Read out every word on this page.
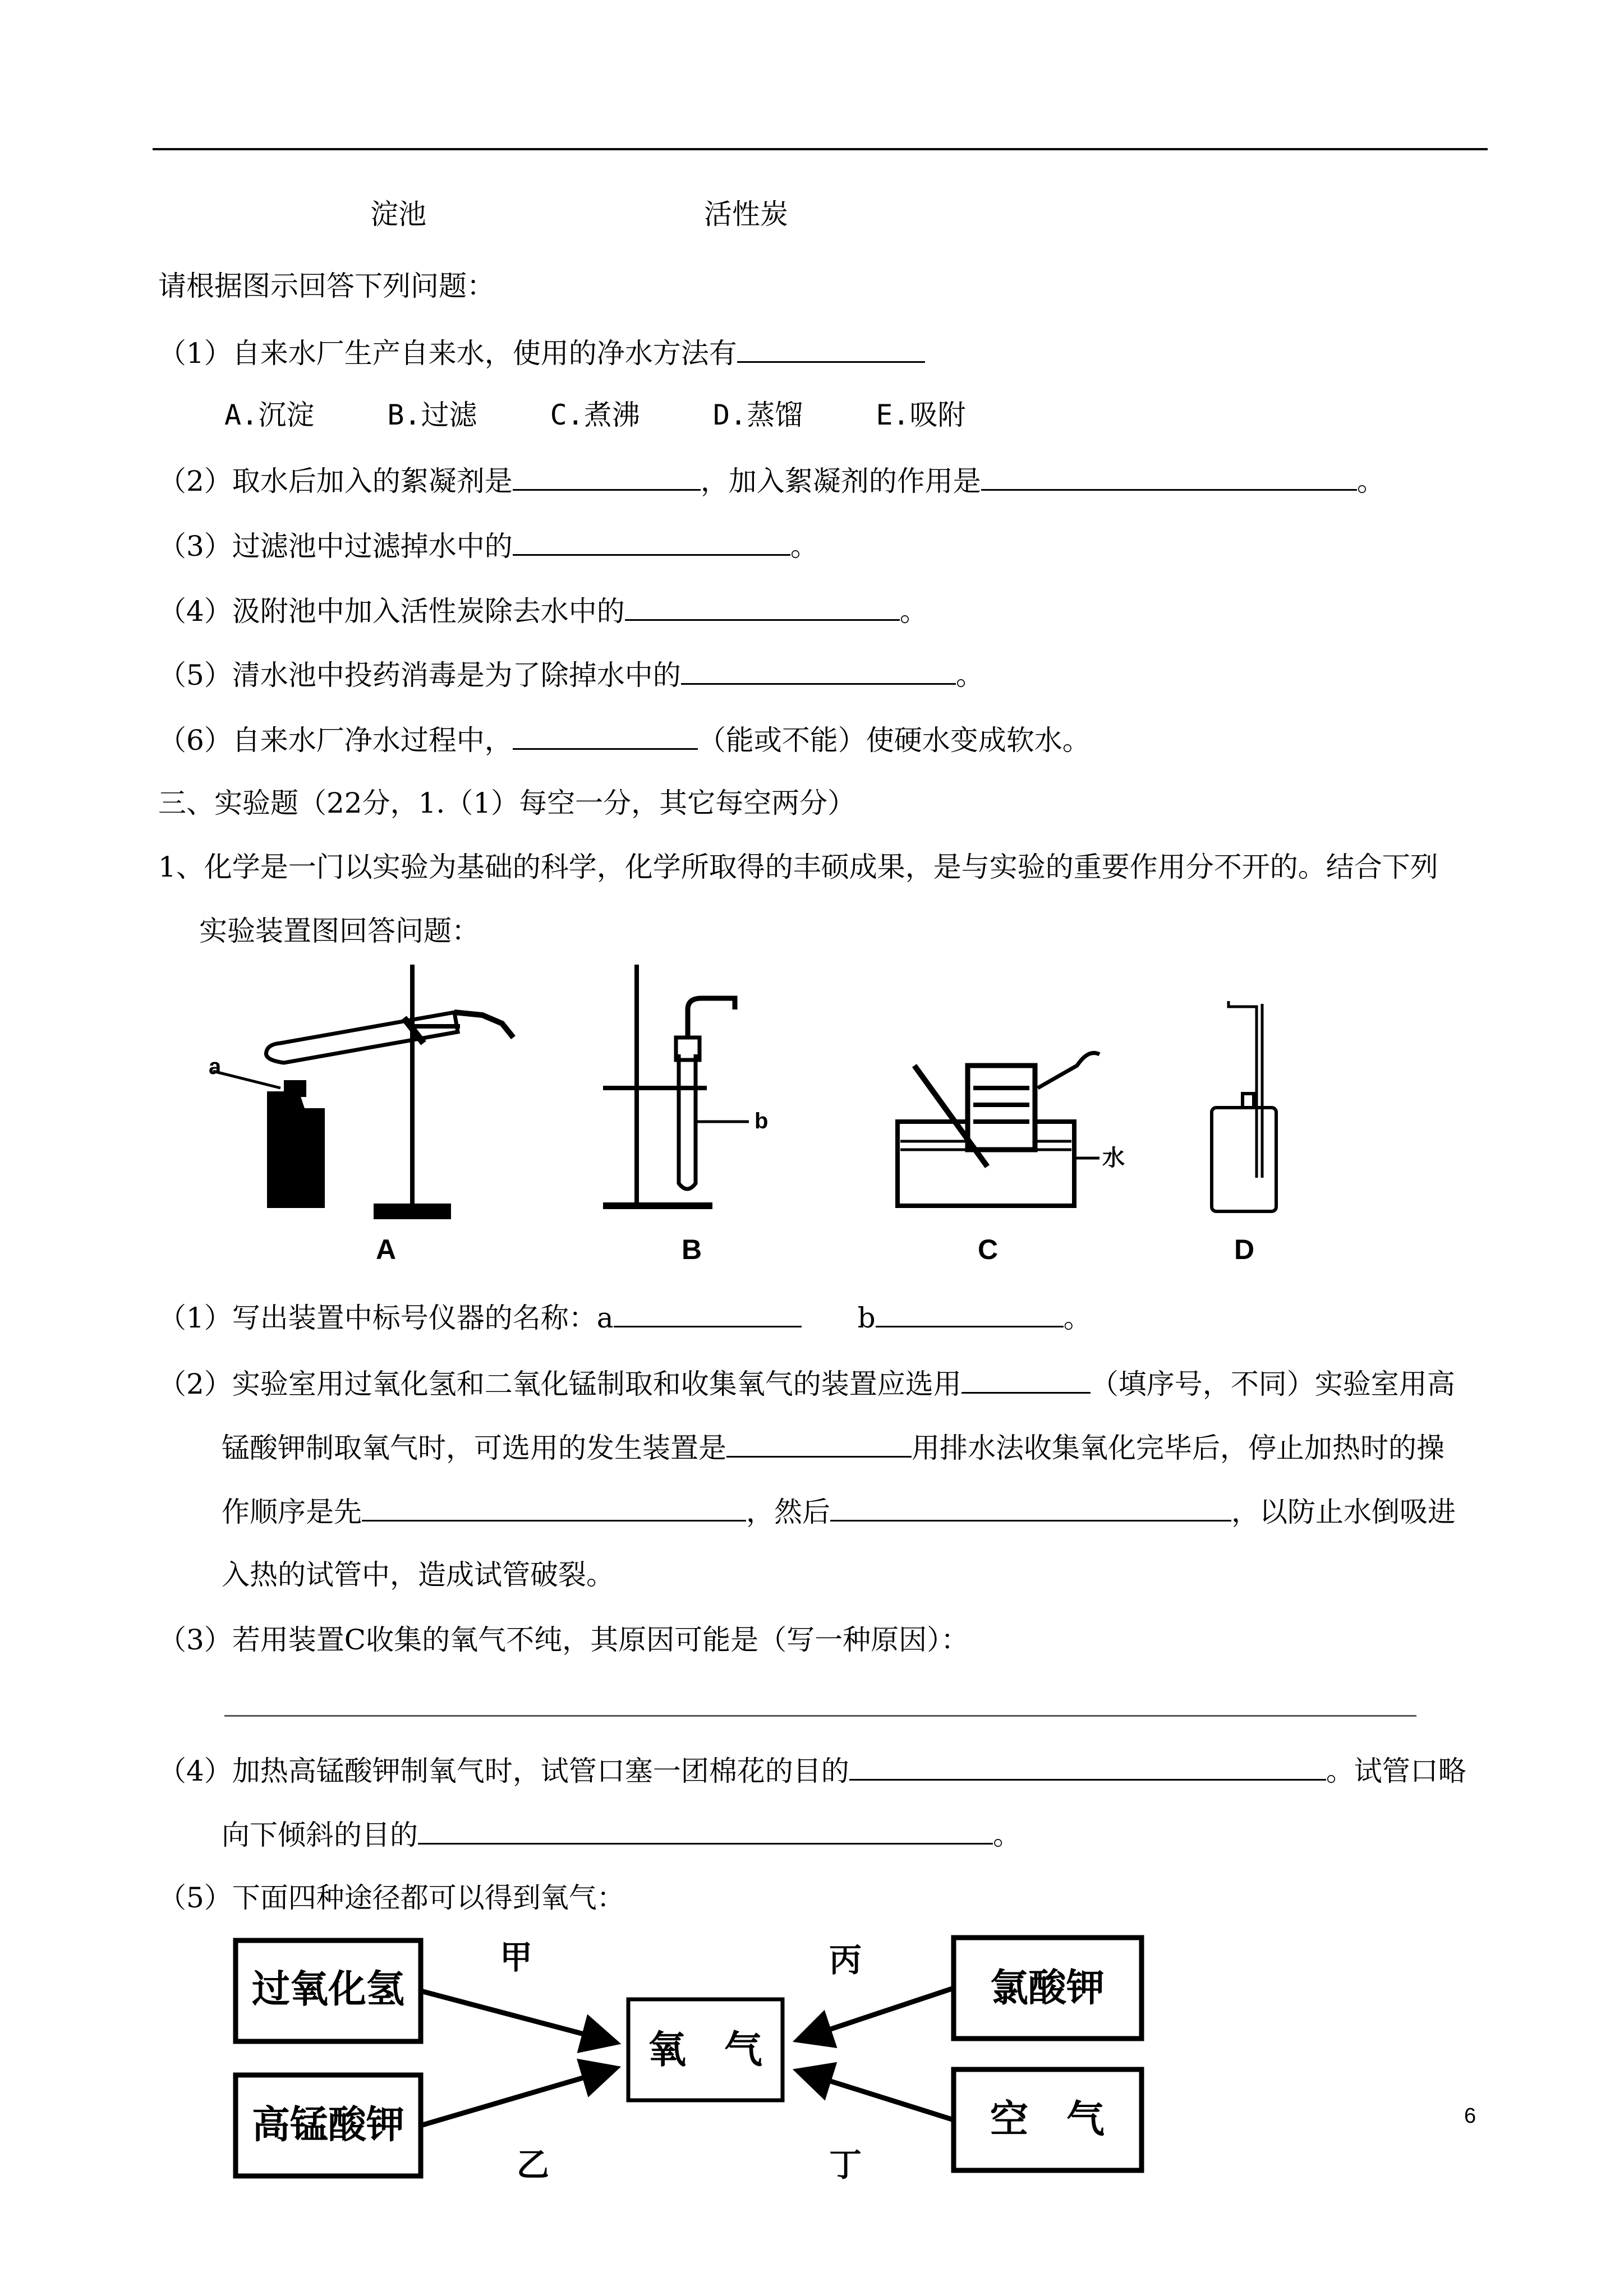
淀池	活性炭
请根据图示回答下列问题：
（1）自来水厂生产自来水，使用的净水方法有
A.沉淀	B.过滤	C.煮沸	D.蒸馏	E.吸附
（2）取水后加入的絮凝剂是	，加入絮凝剂的作用是	。
（3）过滤池中过滤掉水中的	。
（4）汲附池中加入活性炭除去水中的	。
（5）清水池中投药消毒是为了除掉水中的	。
（6）自来水厂净水过程中，	（能或不能）使硬水变成软水。
三、实验题（22分，1.（1）每空一分，其它每空两分）
1、化学是一门以实验为基础的科学，化学所取得的丰硕成果，是与实验的重要作用分不开的。结合下列
实验装置图回答问题：
a
A
b
B
水
C	D
（1）写出装置中标号仪器的名称：a	b	。
（2）实验室用过氧化氢和二氧化锰制取和收集氧气的装置应选用	（填序号，不同）实验室用高
锰酸钾制取氧气时，可选用的发生装置是	用排水法收集氧化完毕后，停止加热时的操
作顺序是先	，然后	，以防止水倒吸进
入热的试管中，造成试管破裂。
（3）若用装置C收集的氧气不纯，其原因可能是（写一种原因）：
（4）加热高锰酸钾制氧气时，试管口塞一团棉花的目的	。试管口略
向下倾斜的目的	。
（5）下面四种途径都可以得到氧气：
过氧化氢
高锰酸钾
氧　气
氯酸钾
空　气
甲
乙
丙
丁
6
